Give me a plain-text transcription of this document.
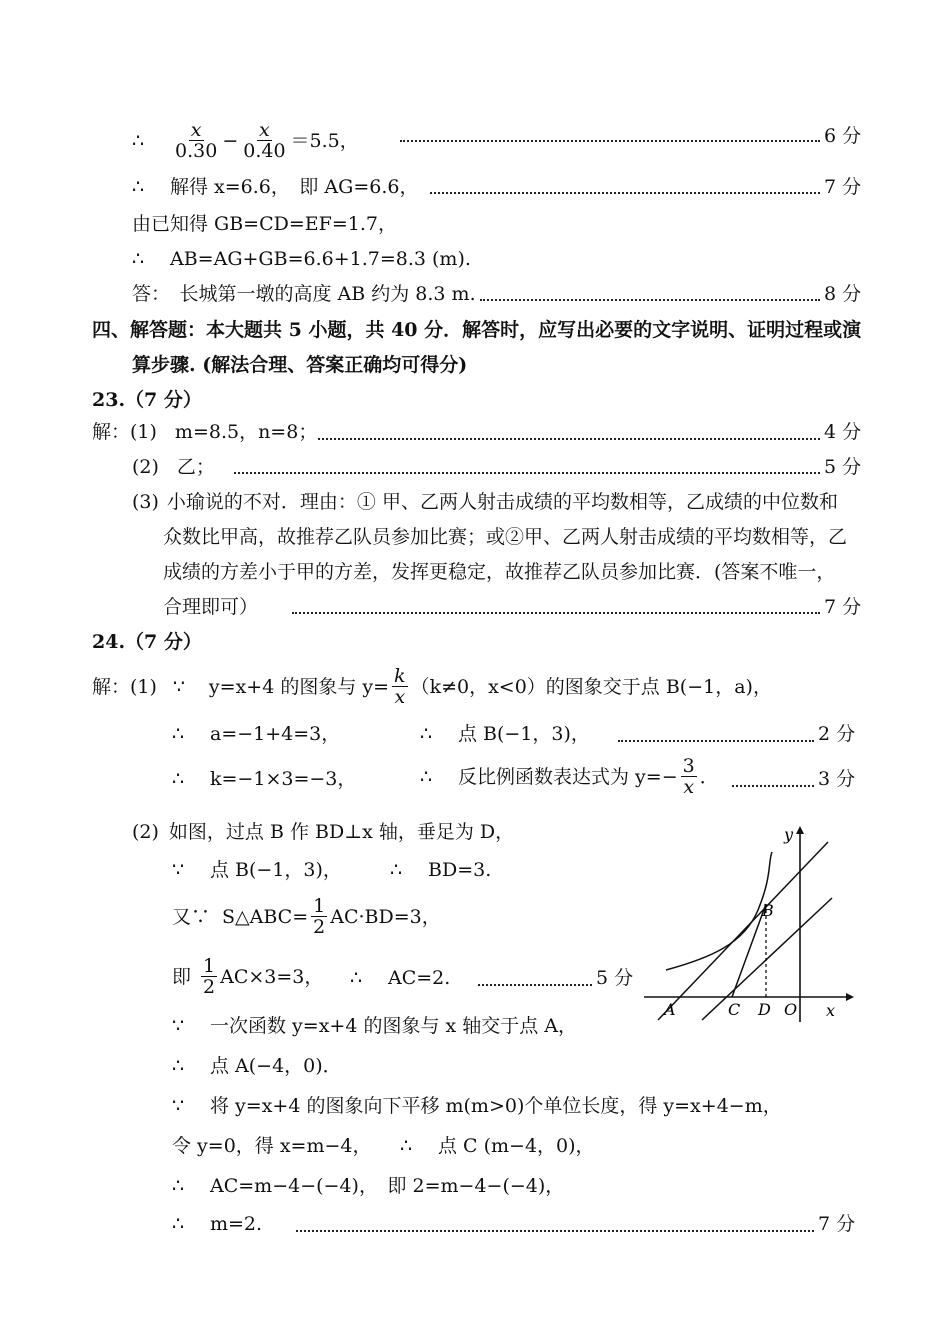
∴	$\frac{x}{0.30} - \frac{x}{0.40} =5.5$，	6 分
∴ 解得 x=6.6，　即 AG=6.6，	7 分
由已知得 GB=CD=EF=1.7，
∴ AB=AG+GB=6.6+1.7=8.3 (m).
答：　长城第一墩的高度 AB 约为 8.3 m.	8 分
四、解答题：本大题共 5 小题，共 40 分．解答时，应写出必要的文字说明、证明过程或演
算步骤. (解法合理、答案正确均可得分)
23.（7 分）
解：(1) m=8.5，n=8；	4 分
(2) 乙；	5 分
(3) 小瑜说的不对．理由：① 甲、乙两人射击成绩的平均数相等，乙成绩的中位数和
众数比甲高，故推荐乙队员参加比赛；或②甲、乙两人射击成绩的平均数相等，乙
成绩的方差小于甲的方差，发挥更稳定，故推荐乙队员参加比赛．(答案不唯一，
合理即可）	7 分
24.（7 分）
解：(1) ∵	y=x+4 的图象与 $y= \frac{k}{x} (k\ne 0$，x<0）的图象交于点 B(−1，a)，
∴ a=−1+4=3，	∴ 点 B(−1，3)，	2 分
∴ k=−1×3=−3，	∴	反比例函数表达式为 $y=- \frac{3}{x}$ ．	3 分
(2) 如图，过点 B 作 BD⊥x 轴，垂足为 D，
∵ 点 B(−1，3)，	∴ BD=3.
又∵ S△ABC= $\frac{1}{2} AC\cdot BD=3$，
即 $\frac{1}{2} AC\times 3=3$， ∴ AC=2.	5 分
∵ 一次函数 y=x+4 的图象与 x 轴交于点 A，
∴ 点 A(−4，0)．
∵ 将 y=x+4 的图象向下平移 m(m>0)个单位长度，得 y=x+4−m，
令 y=0，得 x=m−4， ∴ 点 C (m−4，0)，
∴ AC=m−4−(−4)，　即 2=m−4−(−4)，
∴ m=2.	7 分
y
x
A	C D O
B
